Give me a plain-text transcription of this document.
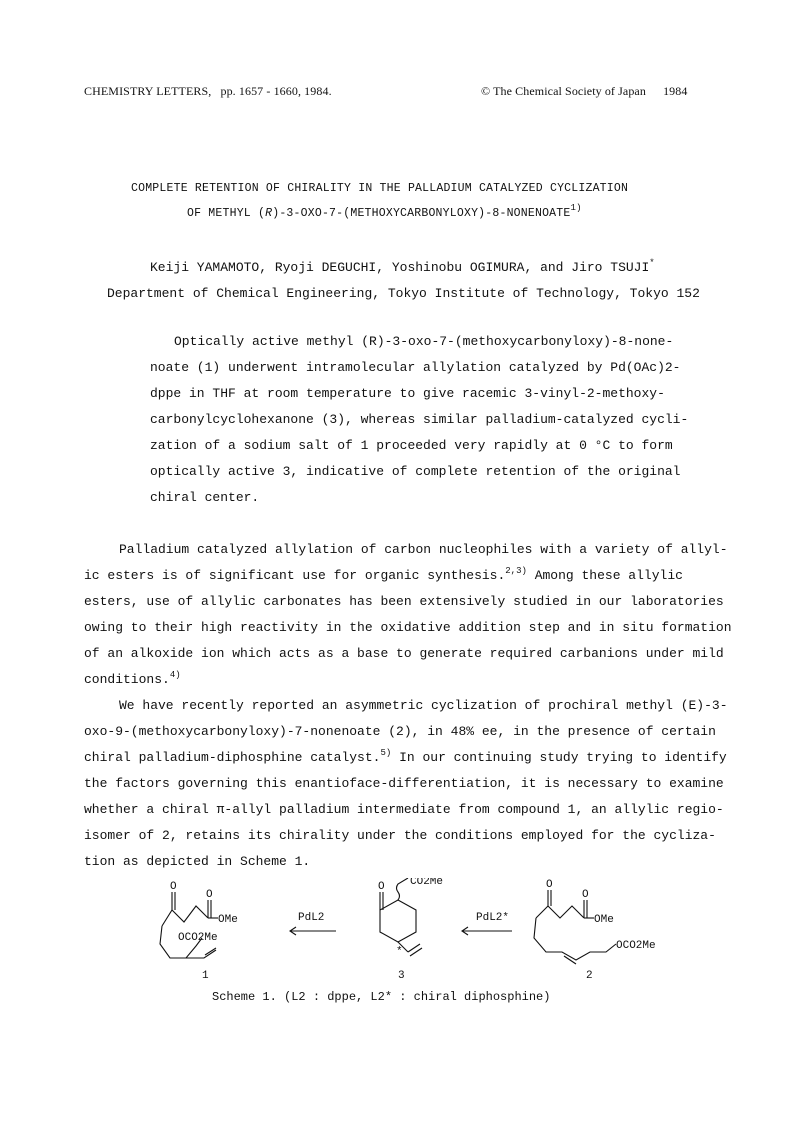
CHEMISTRY LETTERS, pp. 1657 - 1660, 1984.	© The Chemical Society of Japan 1984
COMPLETE RETENTION OF CHIRALITY IN THE PALLADIUM CATALYZED CYCLIZATION
OF METHYL (R)-3-OXO-7-(METHOXYCARBONYLOXY)-8-NONENOATE$^{1)}$
Keiji YAMAMOTO, Ryoji DEGUCHI, Yoshinobu OGIMURA, and Jiro TSUJI*
Department of Chemical Engineering, Tokyo Institute of Technology, Tokyo 152
Optically active methyl (R)-3-oxo-7-(methoxycarbonyloxy)-8-none-
noate (1) underwent intramolecular allylation catalyzed by Pd(OAc)2-
dppe in THF at room temperature to give racemic 3-vinyl-2-methoxy-
carbonylcyclohexanone (3), whereas similar palladium-catalyzed cycli-
zation of a sodium salt of 1 proceeded very rapidly at 0 °C to form
optically active 3, indicative of complete retention of the original
chiral center.
Palladium catalyzed allylation of carbon nucleophiles with a variety of allyl-
ic esters is of significant use for organic synthesis.$^{2,3)}$ Among these allylic
esters, use of allylic carbonates has been extensively studied in our laboratories
owing to their high reactivity in the oxidative addition step and in situ formation
of an alkoxide ion which acts as a base to generate required carbanions under mild
conditions.$^{4)}$
We have recently reported an asymmetric cyclization of prochiral methyl (E)-3-
oxo-9-(methoxycarbonyloxy)-7-nonenoate (2), in 48% ee, in the presence of certain
chiral palladium-diphosphine catalyst.$^{5)}$ In our continuing study trying to identify
the factors governing this enantioface-differentiation, it is necessary to examine
whether a chiral π-allyl palladium intermediate from compound 1, an allylic regio-
isomer of 2, retains its chirality under the conditions employed for the cycliza-
tion as depicted in Scheme 1.
O
O
OMe
OCO2Me
1
PdL2	PdL2*
O CO2Me
*
3
O
O
OMe
OCO2Me
2
Scheme 1. (L2 : dppe, L2* : chiral diphosphine)
